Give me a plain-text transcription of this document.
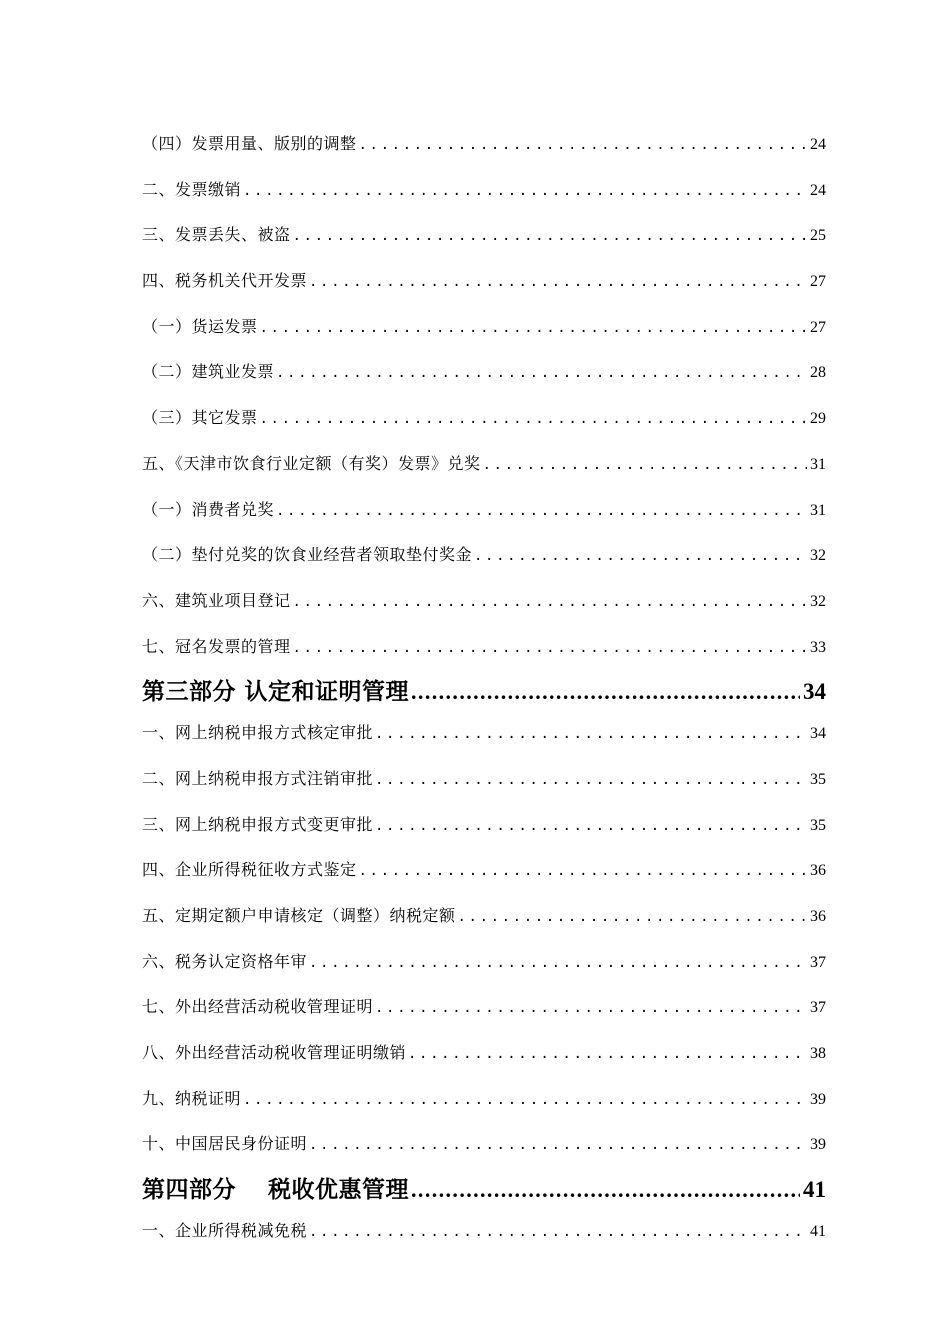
（四）发票用量、版别的调整 .....	24
二、发票缴销 .....	24
三、发票丢失、被盗 .....	25
四、税务机关代开发票 .....	27
（一）货运发票 .....	27
（二）建筑业发票 .....	28
（三）其它发票 .....	29
五、《天津市饮食行业定额（有奖）发票》兑奖 .....	31
（一）消费者兑奖 .....	31
（二）垫付兑奖的饮食业经营者领取垫付奖金 .....	32
六、建筑业项目登记 .....	32
七、冠名发票的管理 .....	33
第三部分 认定和证明管理 .....	34
一、网上纳税申报方式核定审批 .....	34
二、网上纳税申报方式注销审批 .....	35
三、网上纳税申报方式变更审批 .....	35
四、企业所得税征收方式鉴定 .....	36
五、定期定额户申请核定（调整）纳税定额 .....	36
六、税务认定资格年审 .....	37
七、外出经营活动税收管理证明 .....	37
八、外出经营活动税收管理证明缴销 .....	38
九、纳税证明 .....	39
十、中国居民身份证明 .....	39
第四部分　 税收优惠管理 .....	41
一、企业所得税减免税 .....	41
